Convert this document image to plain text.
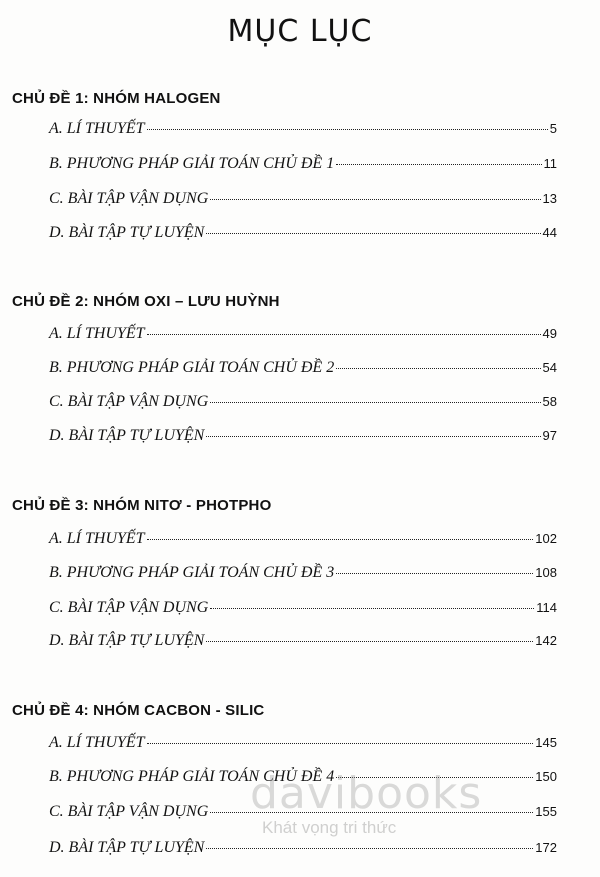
MỤC LỤC
CHỦ ĐỀ 1: NHÓM HALOGEN
A. LÍ THUYẾT	5
B. PHƯƠNG PHÁP GIẢI TOÁN CHỦ ĐỀ 1	11
C. BÀI TẬP VẬN DỤNG	13
D. BÀI TẬP TỰ LUYỆN	44
CHỦ ĐỀ 2: NHÓM OXI – LƯU HUỲNH
A. LÍ THUYẾT	49
B. PHƯƠNG PHÁP GIẢI TOÁN CHỦ ĐỀ 2	54
C. BÀI TẬP VẬN DỤNG	58
D. BÀI TẬP TỰ LUYỆN	97
CHỦ ĐỀ 3: NHÓM NITƠ - PHOTPHO
A. LÍ THUYẾT	102
B. PHƯƠNG PHÁP GIẢI TOÁN CHỦ ĐỀ 3	108
C. BÀI TẬP VẬN DỤNG	114
D. BÀI TẬP TỰ LUYỆN	142
CHỦ ĐỀ 4: NHÓM CACBON - SILIC
A. LÍ THUYẾT	145
B. PHƯƠNG PHÁP GIẢI TOÁN CHỦ ĐỀ 4	150
C. BÀI TẬP VẬN DỤNG	155
D. BÀI TẬP TỰ LUYỆN	172
davibooks
Khát vọng tri thức
